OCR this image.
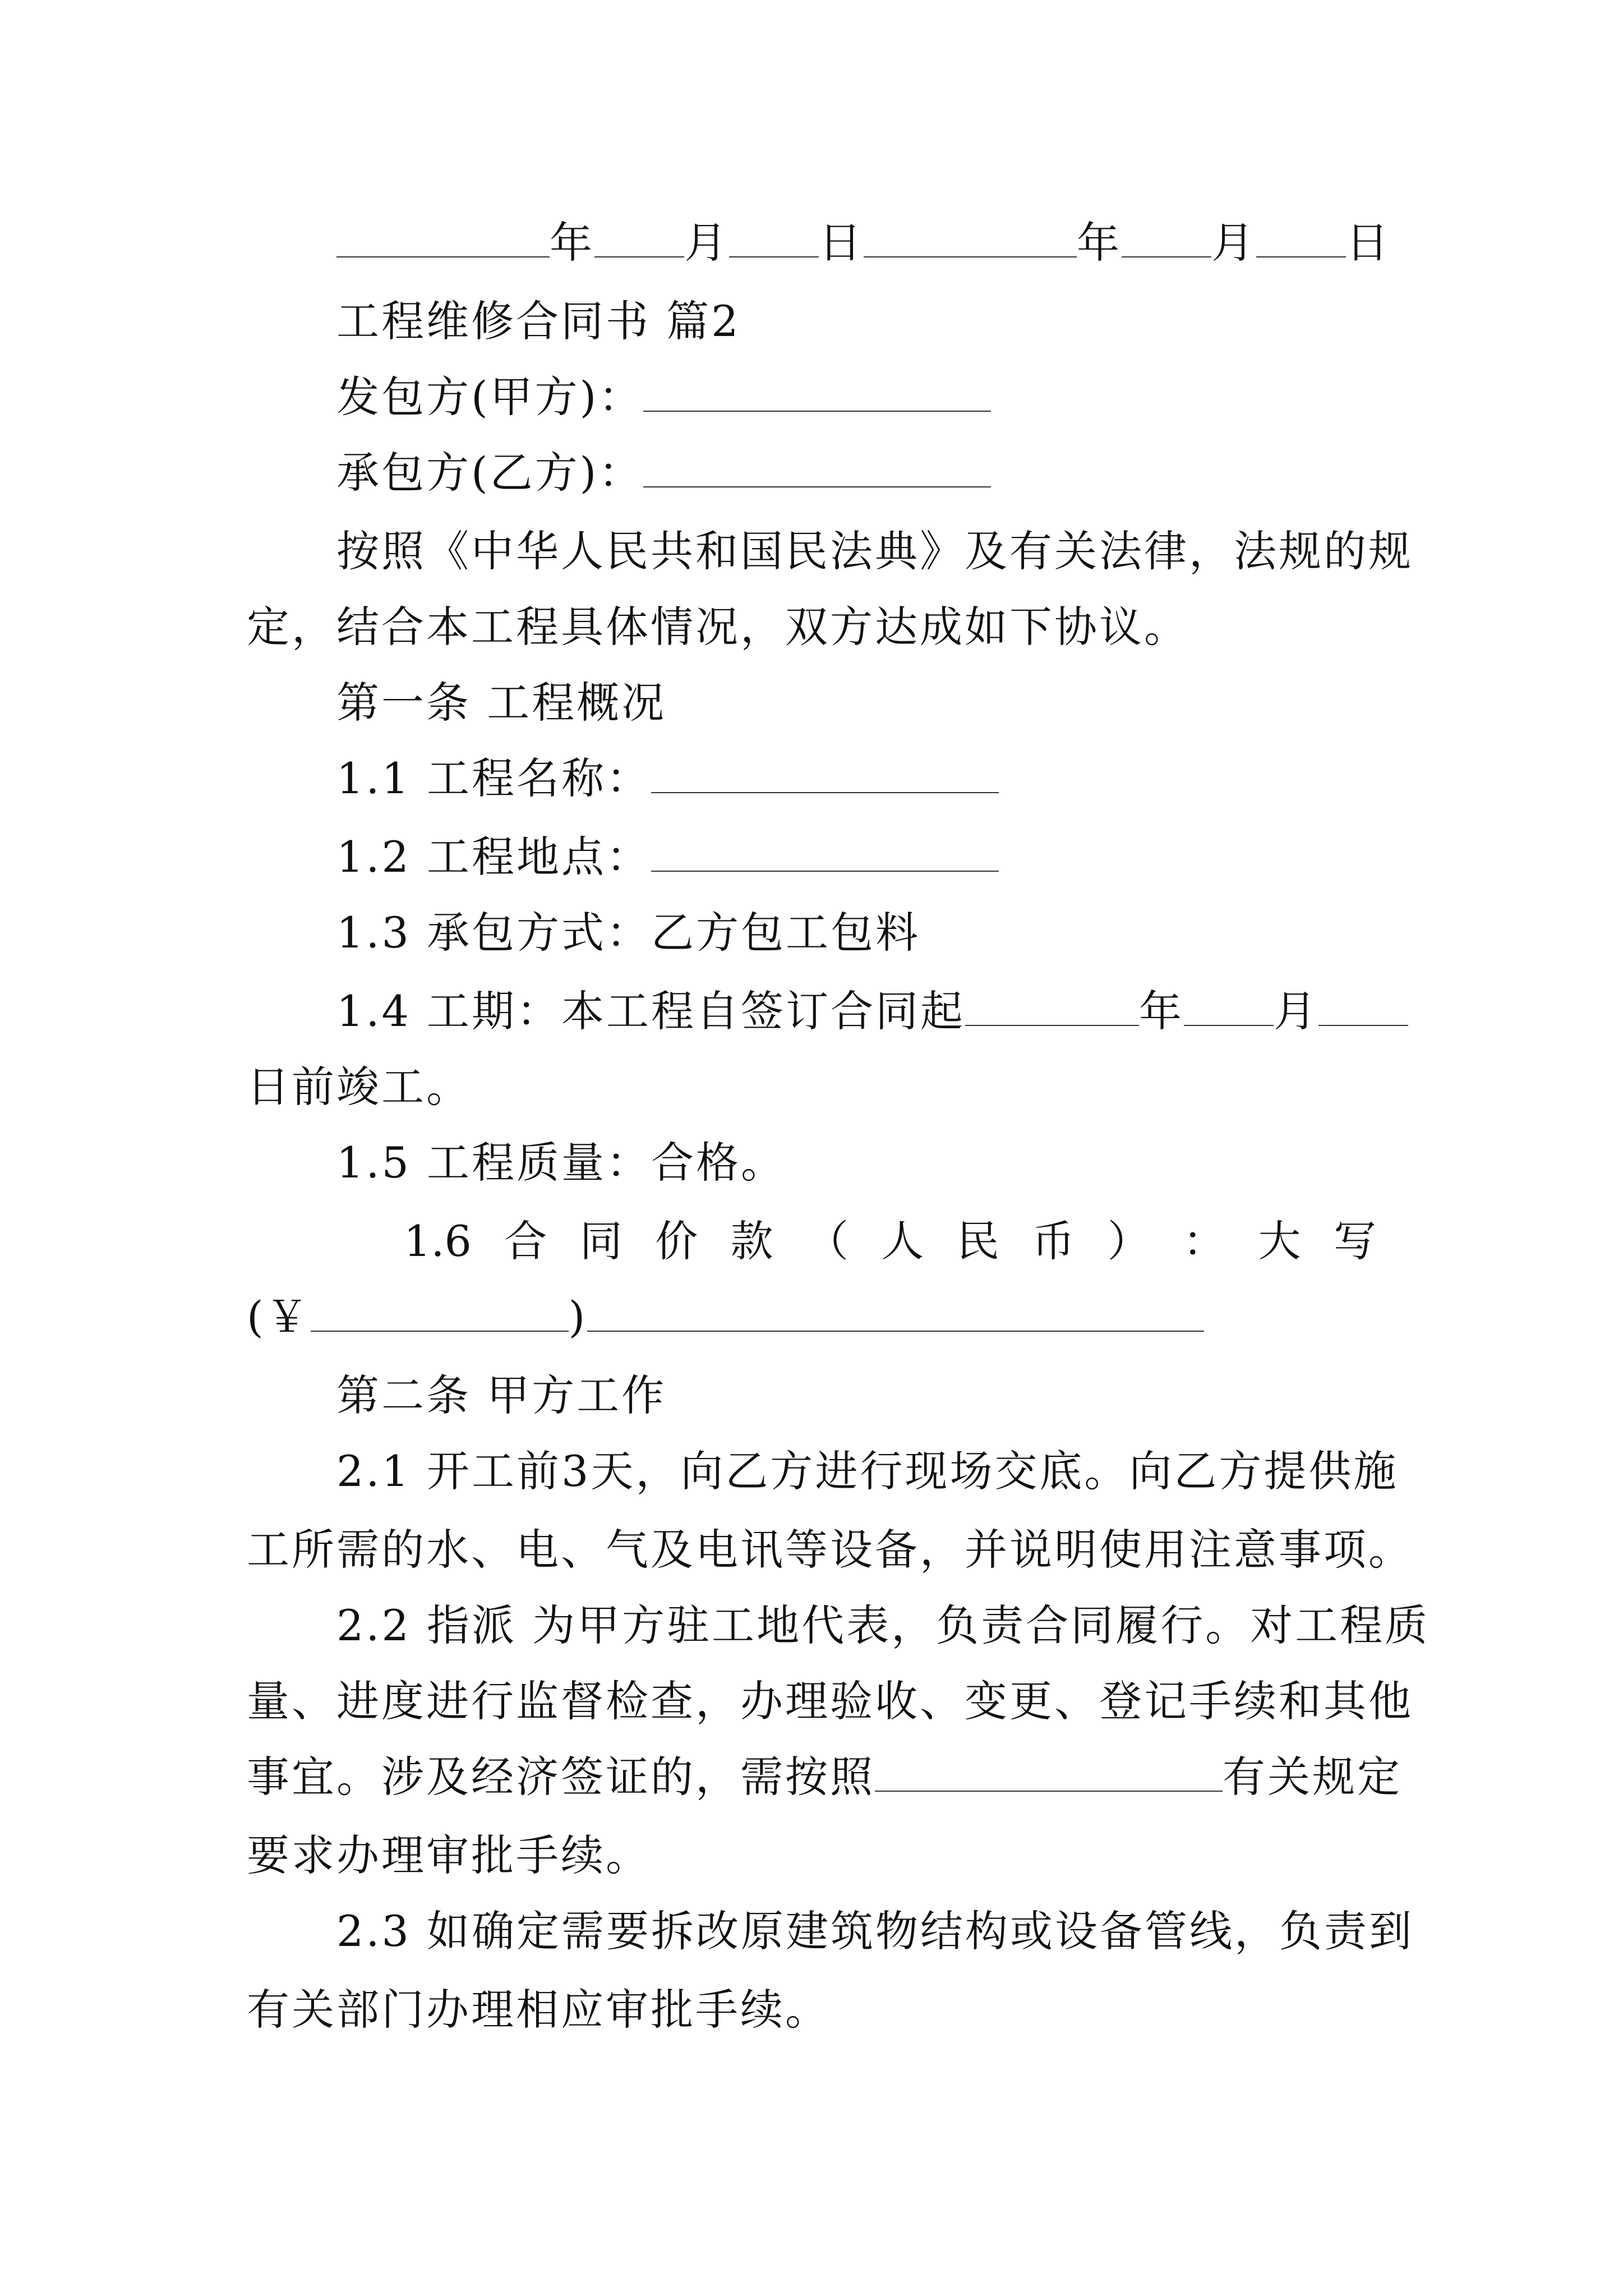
年 月 日	年 月 日
工程维修合同书 篇2
发包方(甲方)：
承包方(乙方)：
按照《中华人民共和国民法典》及有关法律，法规的规
定，结合本工程具体情况，双方达成如下协议。
第一条 工程概况
1.1 工程名称：
1.2 工程地点：
1.3 承包方式：乙方包工包料
1.4 工期：本工程自签订合同起	年 月
日前竣工。
1.5 工程质量：合格。
1.6 合 同 价 款 （ 人 民 币 ） ： 大 写
(￥	)
第二条 甲方工作
2.1 开工前3天，向乙方进行现场交底。向乙方提供施
工所需的水、电、气及电讯等设备，并说明使用注意事项。
2.2 指派 为甲方驻工地代表，负责合同履行。对工程质
量、进度进行监督检查，办理验收、变更、登记手续和其他
事宜。涉及经济签证的，需按照	有关规定
要求办理审批手续。
2.3 如确定需要拆改原建筑物结构或设备管线，负责到
有关部门办理相应审批手续。
